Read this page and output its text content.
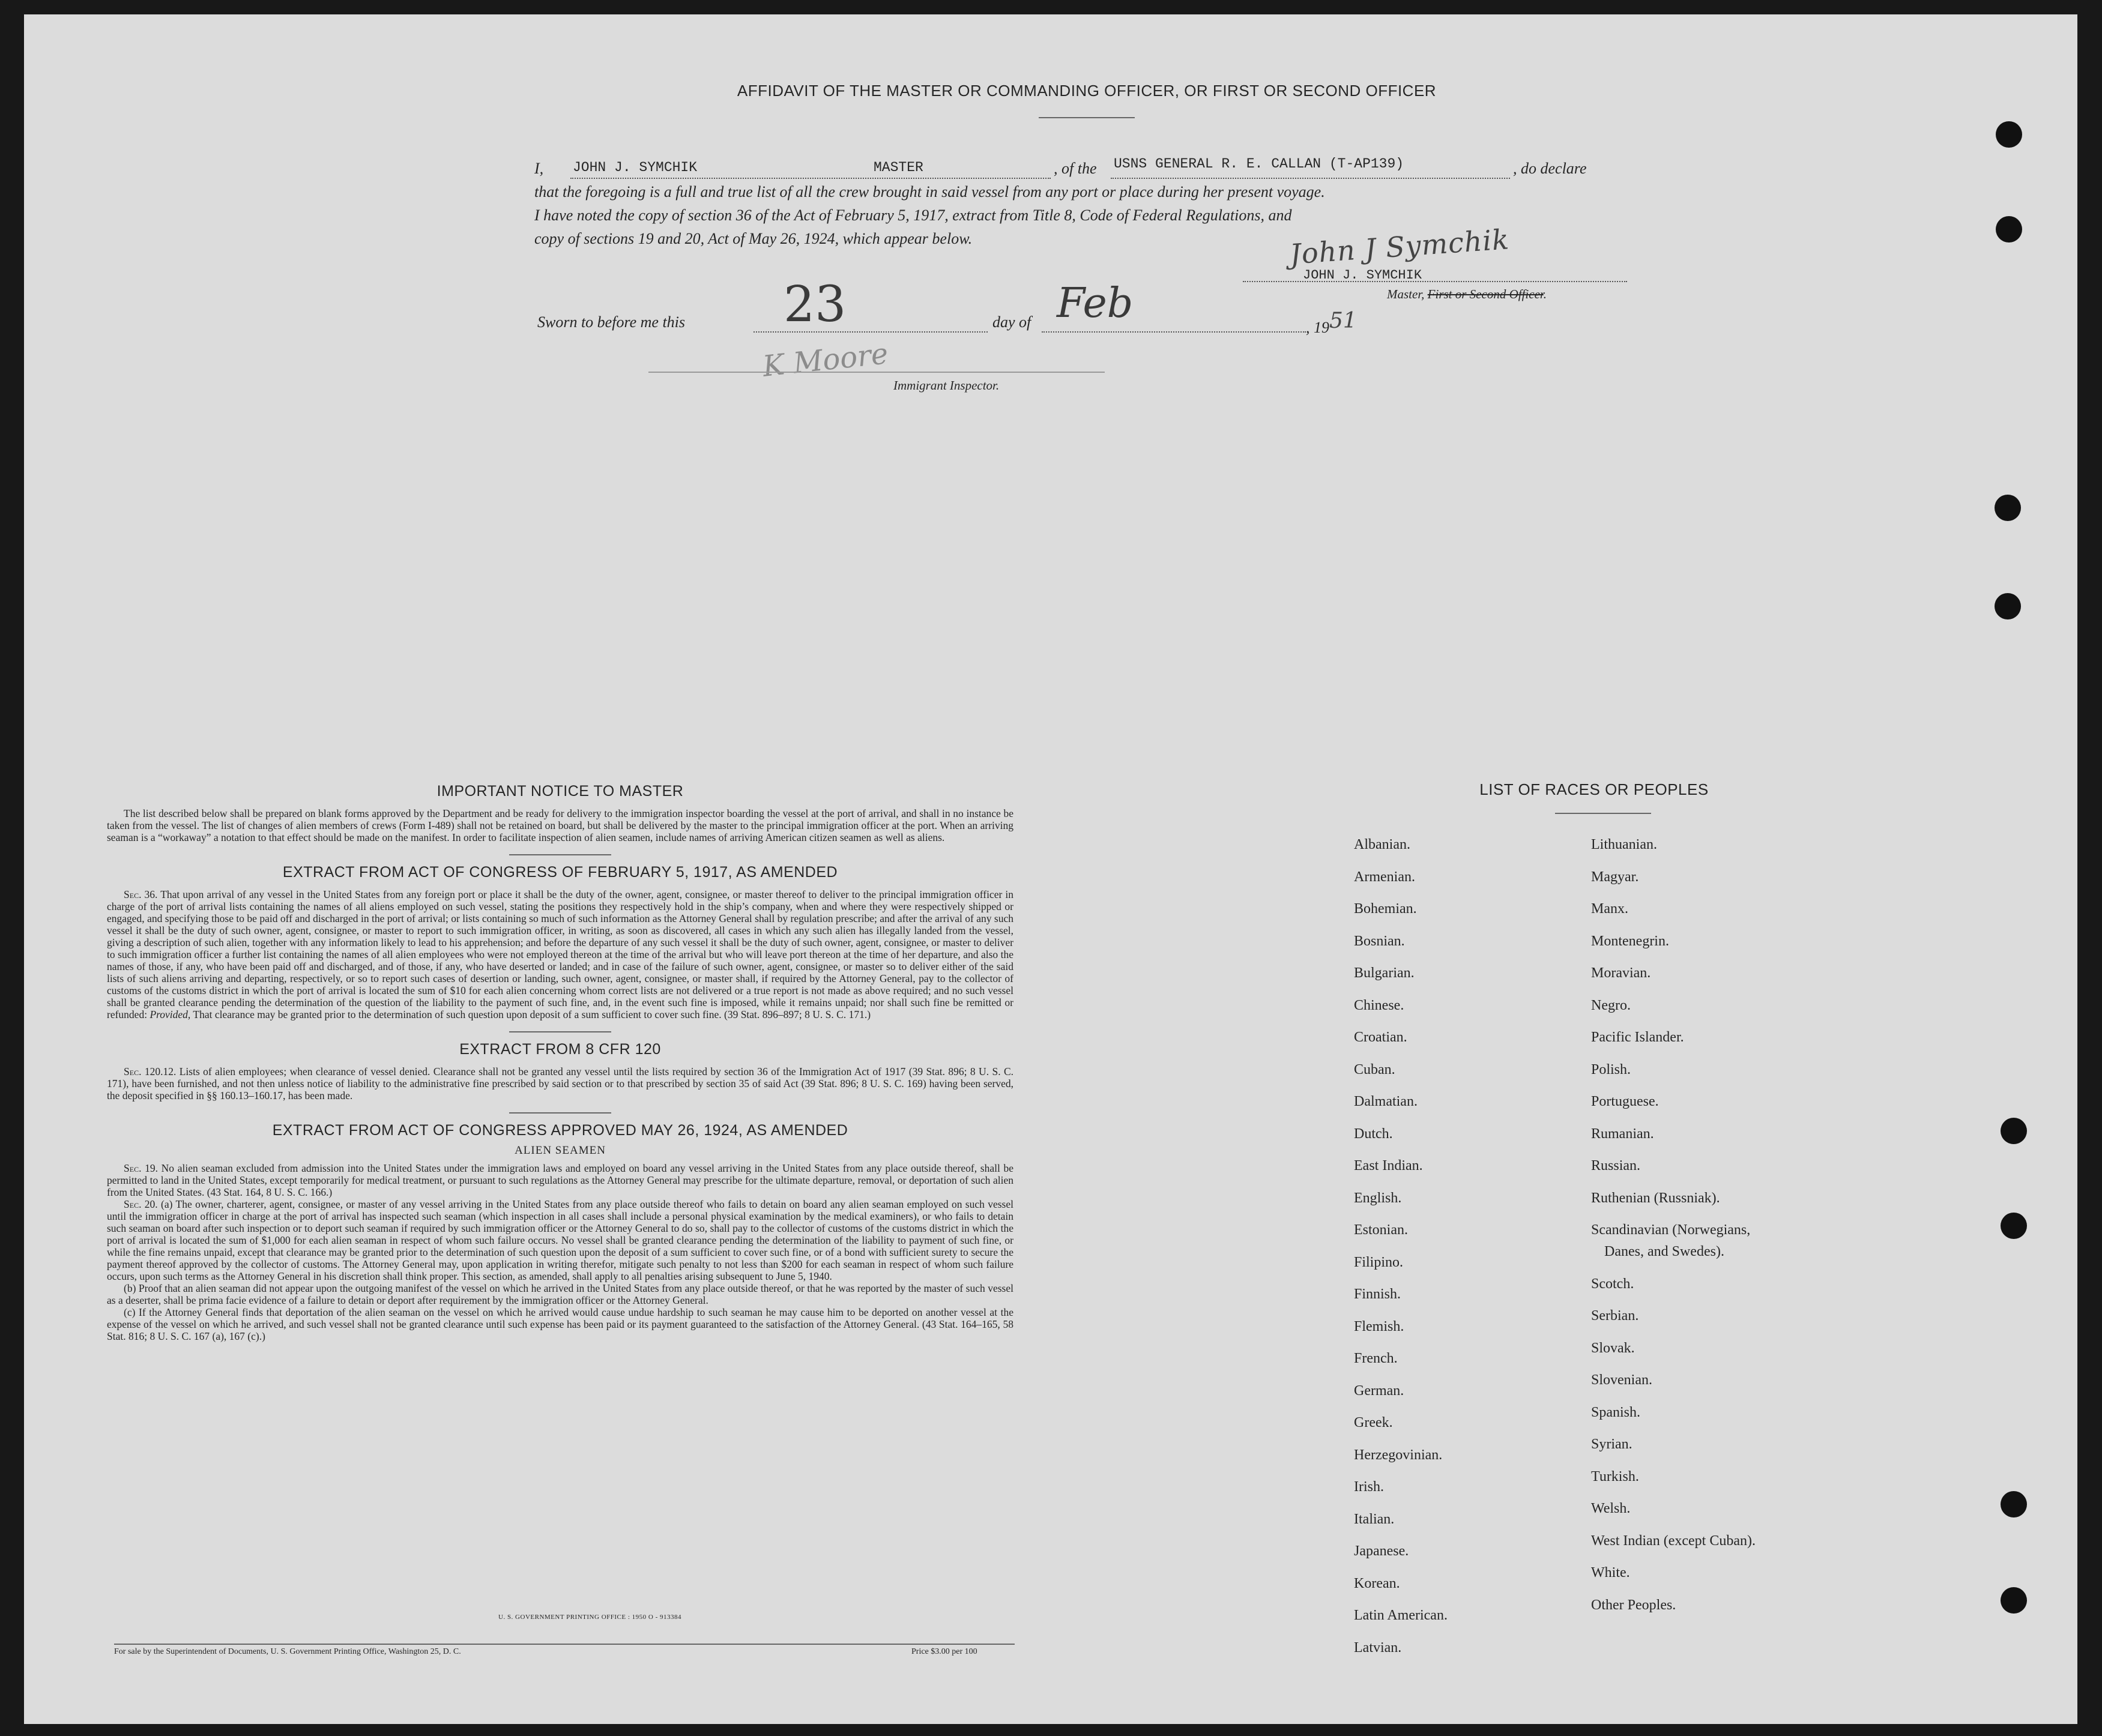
AFFIDAVIT OF THE MASTER OR COMMANDING OFFICER, OR FIRST OR SECOND OFFICER
I, JOHN J. SYMCHIK	MASTER	, of the USNS GENERAL R. E. CALLAN (T-AP139)	, do declare
that the foregoing is a full and true list of all the crew brought in said vessel from any port or place during her present voyage.
I have noted the copy of section 36 of the Act of February 5, 1917, extract from Title 8, Code of Federal Regulations, and
copy of sections 19 and 20, Act of May 26, 1924, which appear below.	John J Symchik
JOHN J. SYMCHIK
Master, First or Second Officer.
Sworn to before me this 23	day of Feb
, 1951
K Moore
Immigrant Inspector.
IMPORTANT NOTICE TO MASTER

The list described below shall be prepared on blank forms approved by the Department and be ready for delivery to the immigration inspector boarding the vessel at the port of arrival, and shall in no instance be taken from the vessel. The list of changes of alien members of crews (Form I-489) shall not be retained on board, but shall be delivered by the master to the principal immigration officer at the port. When an arriving seaman is a “workaway” a notation to that effect should be made on the manifest. In order to facilitate inspection of alien seamen, include names of arriving American citizen seamen as well as aliens.

EXTRACT FROM ACT OF CONGRESS OF FEBRUARY 5, 1917, AS AMENDED

Sec. 36. That upon arrival of any vessel in the United States from any foreign port or place it shall be the duty of the owner, agent, consignee, or master thereof to deliver to the principal immigration officer in charge of the port of arrival lists containing the names of all aliens employed on such vessel, stating the positions they respectively hold in the ship’s company, when and where they were respectively shipped or engaged, and specifying those to be paid off and discharged in the port of arrival; or lists containing so much of such information as the Attorney General shall by regulation prescribe; and after the arrival of any such vessel it shall be the duty of such owner, agent, consignee, or master to report to such immigration officer, in writing, as soon as discovered, all cases in which any such alien has illegally landed from the vessel, giving a description of such alien, together with any information likely to lead to his apprehension; and before the departure of any such vessel it shall be the duty of such owner, agent, consignee, or master to deliver to such immigration officer a further list containing the names of all alien employees who were not employed thereon at the time of the arrival but who will leave port thereon at the time of her departure, and also the names of those, if any, who have been paid off and discharged, and of those, if any, who have deserted or landed; and in case of the failure of such owner, agent, consignee, or master so to deliver either of the said lists of such aliens arriving and departing, respectively, or so to report such cases of desertion or landing, such owner, agent, consignee, or master shall, if required by the Attorney General, pay to the collector of customs of the customs district in which the port of arrival is located the sum of $10 for each alien concerning whom correct lists are not delivered or a true report is not made as above required; and no such vessel shall be granted clearance pending the determination of the question of the liability to the payment of such fine, and, in the event such fine is imposed, while it remains unpaid; nor shall such fine be remitted or refunded: Provided, That clearance may be granted prior to the determination of such question upon deposit of a sum sufficient to cover such fine. (39 Stat. 896–897; 8 U. S. C. 171.)

EXTRACT FROM 8 CFR 120

Sec. 120.12. Lists of alien employees; when clearance of vessel denied. Clearance shall not be granted any vessel until the lists required by section 36 of the Immigration Act of 1917 (39 Stat. 896; 8 U. S. C. 171), have been furnished, and not then unless notice of liability to the administrative fine prescribed by said section or to that prescribed by section 35 of said Act (39 Stat. 896; 8 U. S. C. 169) having been served, the deposit specified in §§ 160.13–160.17, has been made.

EXTRACT FROM ACT OF CONGRESS APPROVED MAY 26, 1924, AS AMENDED
ALIEN SEAMEN

Sec. 19. No alien seaman excluded from admission into the United States under the immigration laws and employed on board any vessel arriving in the United States from any place outside thereof, shall be permitted to land in the United States, except temporarily for medical treatment, or pursuant to such regulations as the Attorney General may prescribe for the ultimate departure, removal, or deportation of such alien from the United States. (43 Stat. 164, 8 U. S. C. 166.)

Sec. 20. (a) The owner, charterer, agent, consignee, or master of any vessel arriving in the United States from any place outside thereof who fails to detain on board any alien seaman employed on such vessel until the immigration officer in charge at the port of arrival has inspected such seaman (which inspection in all cases shall include a personal physical examination by the medical examiners), or who fails to detain such seaman on board after such inspection or to deport such seaman if required by such immigration officer or the Attorney General to do so, shall pay to the collector of customs of the customs district in which the port of arrival is located the sum of $1,000 for each alien seaman in respect of whom such failure occurs. No vessel shall be granted clearance pending the determination of the liability to payment of such fine, or while the fine remains unpaid, except that clearance may be granted prior to the determination of such question upon the deposit of a sum sufficient to cover such fine, or of a bond with sufficient surety to secure the payment thereof approved by the collector of customs. The Attorney General may, upon application in writing therefor, mitigate such penalty to not less than $200 for each seaman in respect of whom such failure occurs, upon such terms as the Attorney General in his discretion shall think proper. This section, as amended, shall apply to all penalties arising subsequent to June 5, 1940.

(b) Proof that an alien seaman did not appear upon the outgoing manifest of the vessel on which he arrived in the United States from any place outside thereof, or that he was reported by the master of such vessel as a deserter, shall be prima facie evidence of a failure to detain or deport after requirement by the immigration officer or the Attorney General.

(c) If the Attorney General finds that deportation of the alien seaman on the vessel on which he arrived would cause undue hardship to such seaman he may cause him to be deported on another vessel at the expense of the vessel on which he arrived, and such vessel shall not be granted clearance until such expense has been paid or its payment guaranteed to the satisfaction of the Attorney General. (43 Stat. 164–165, 58 Stat. 816; 8 U. S. C. 167 (a), 167 (c).)

U. S. GOVERNMENT PRINTING OFFICE : 1950 O - 913384
For sale by the Superintendent of Documents, U. S. Government Printing Office, Washington 25, D. C.	Price $3.00 per 100
LIST OF RACES OR PEOPLES
Albanian.
Armenian.
Bohemian.
Bosnian.
Bulgarian.
Chinese.
Croatian.
Cuban.
Dalmatian.
Dutch.
East Indian.
English.
Estonian.
Filipino.
Finnish.
Flemish.
French.
German.
Greek.
Herzegovinian.
Irish.
Italian.
Japanese.
Korean.
Latin American.
Latvian.
Lithuanian.
Magyar.
Manx.
Montenegrin.
Moravian.
Negro.
Pacific Islander.
Polish.
Portuguese.
Rumanian.
Russian.
Ruthenian (Russniak).
Scandinavian (Norwegians,
Danes, and Swedes).
Scotch.
Serbian.
Slovak.
Slovenian.
Spanish.
Syrian.
Turkish.
Welsh.
West Indian (except Cuban).
White.
Other Peoples.
